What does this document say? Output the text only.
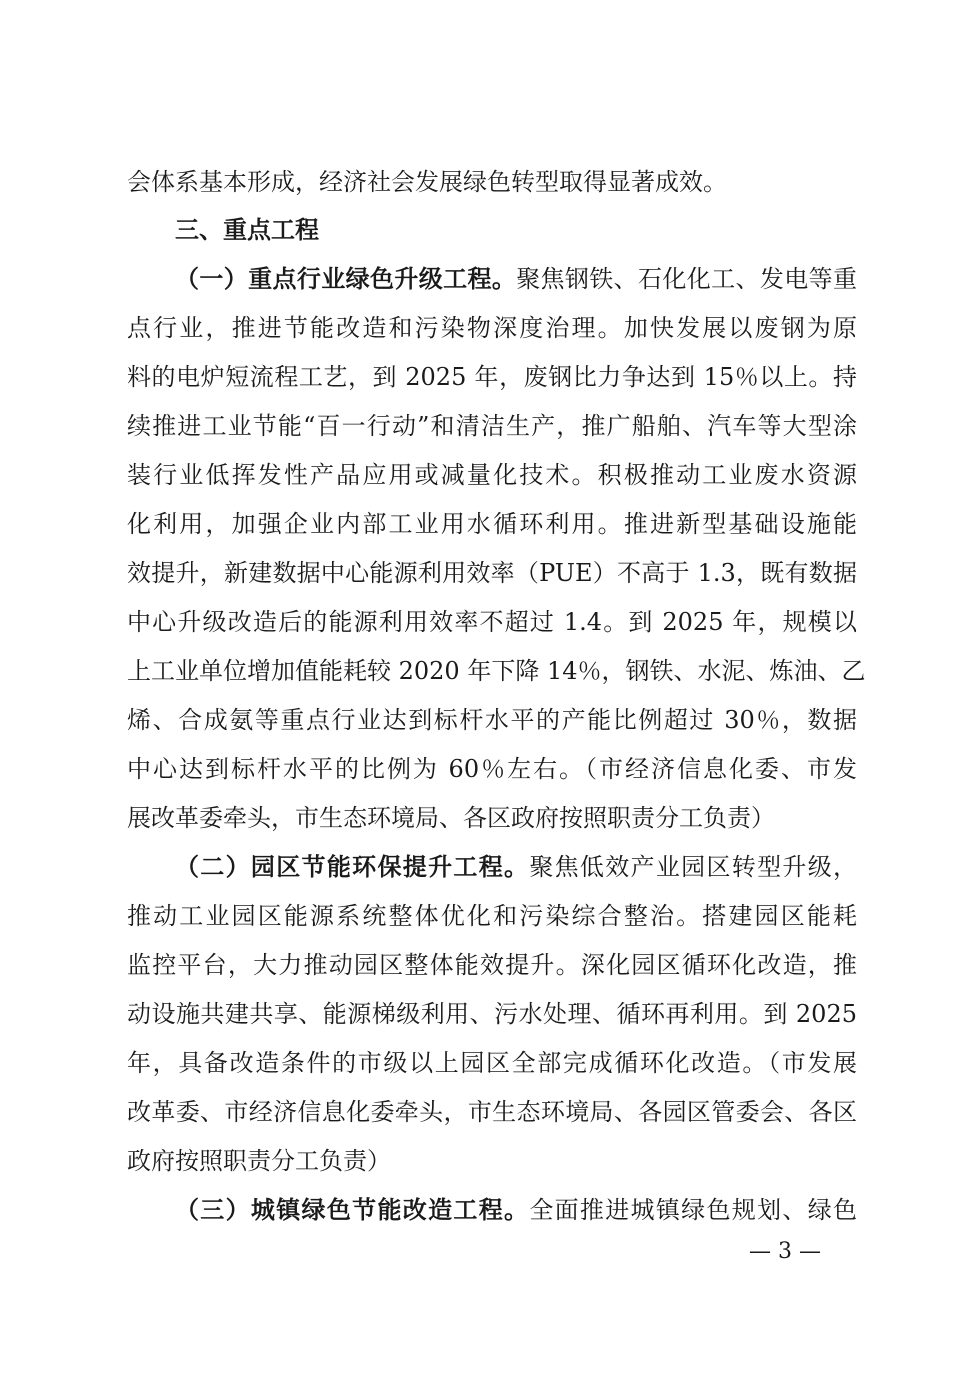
会体系基本形成，经济社会发展绿色转型取得显著成效。
三、重点工程
（一）重点行业绿色升级工程。聚焦钢铁、石化化工、发电等重
点行业，推进节能改造和污染物深度治理。加快发展以废钢为原
料的电炉短流程工艺，到 2025 年，废钢比力争达到 15％以上。持
续推进工业节能“百一行动”和清洁生产，推广船舶、汽车等大型涂
装行业低挥发性产品应用或减量化技术。积极推动工业废水资源
化利用，加强企业内部工业用水循环利用。推进新型基础设施能
效提升，新建数据中心能源利用效率（PUE）不高于 1.3，既有数据
中心升级改造后的能源利用效率不超过 1.4。到 2025 年，规模以
上工业单位增加值能耗较 2020 年下降 14％，钢铁、水泥、炼油、乙
烯、合成氨等重点行业达到标杆水平的产能比例超过 30％，数据
中心达到标杆水平的比例为 60％左右。（市经济信息化委、市发
展改革委牵头，市生态环境局、各区政府按照职责分工负责）
（二）园区节能环保提升工程。聚焦低效产业园区转型升级，
推动工业园区能源系统整体优化和污染综合整治。搭建园区能耗
监控平台，大力推动园区整体能效提升。深化园区循环化改造，推
动设施共建共享、能源梯级利用、污水处理、循环再利用。到 2025
年，具备改造条件的市级以上园区全部完成循环化改造。（市发展
改革委、市经济信息化委牵头，市生态环境局、各园区管委会、各区
政府按照职责分工负责）
（三）城镇绿色节能改造工程。全面推进城镇绿色规划、绿色
— 3 —
